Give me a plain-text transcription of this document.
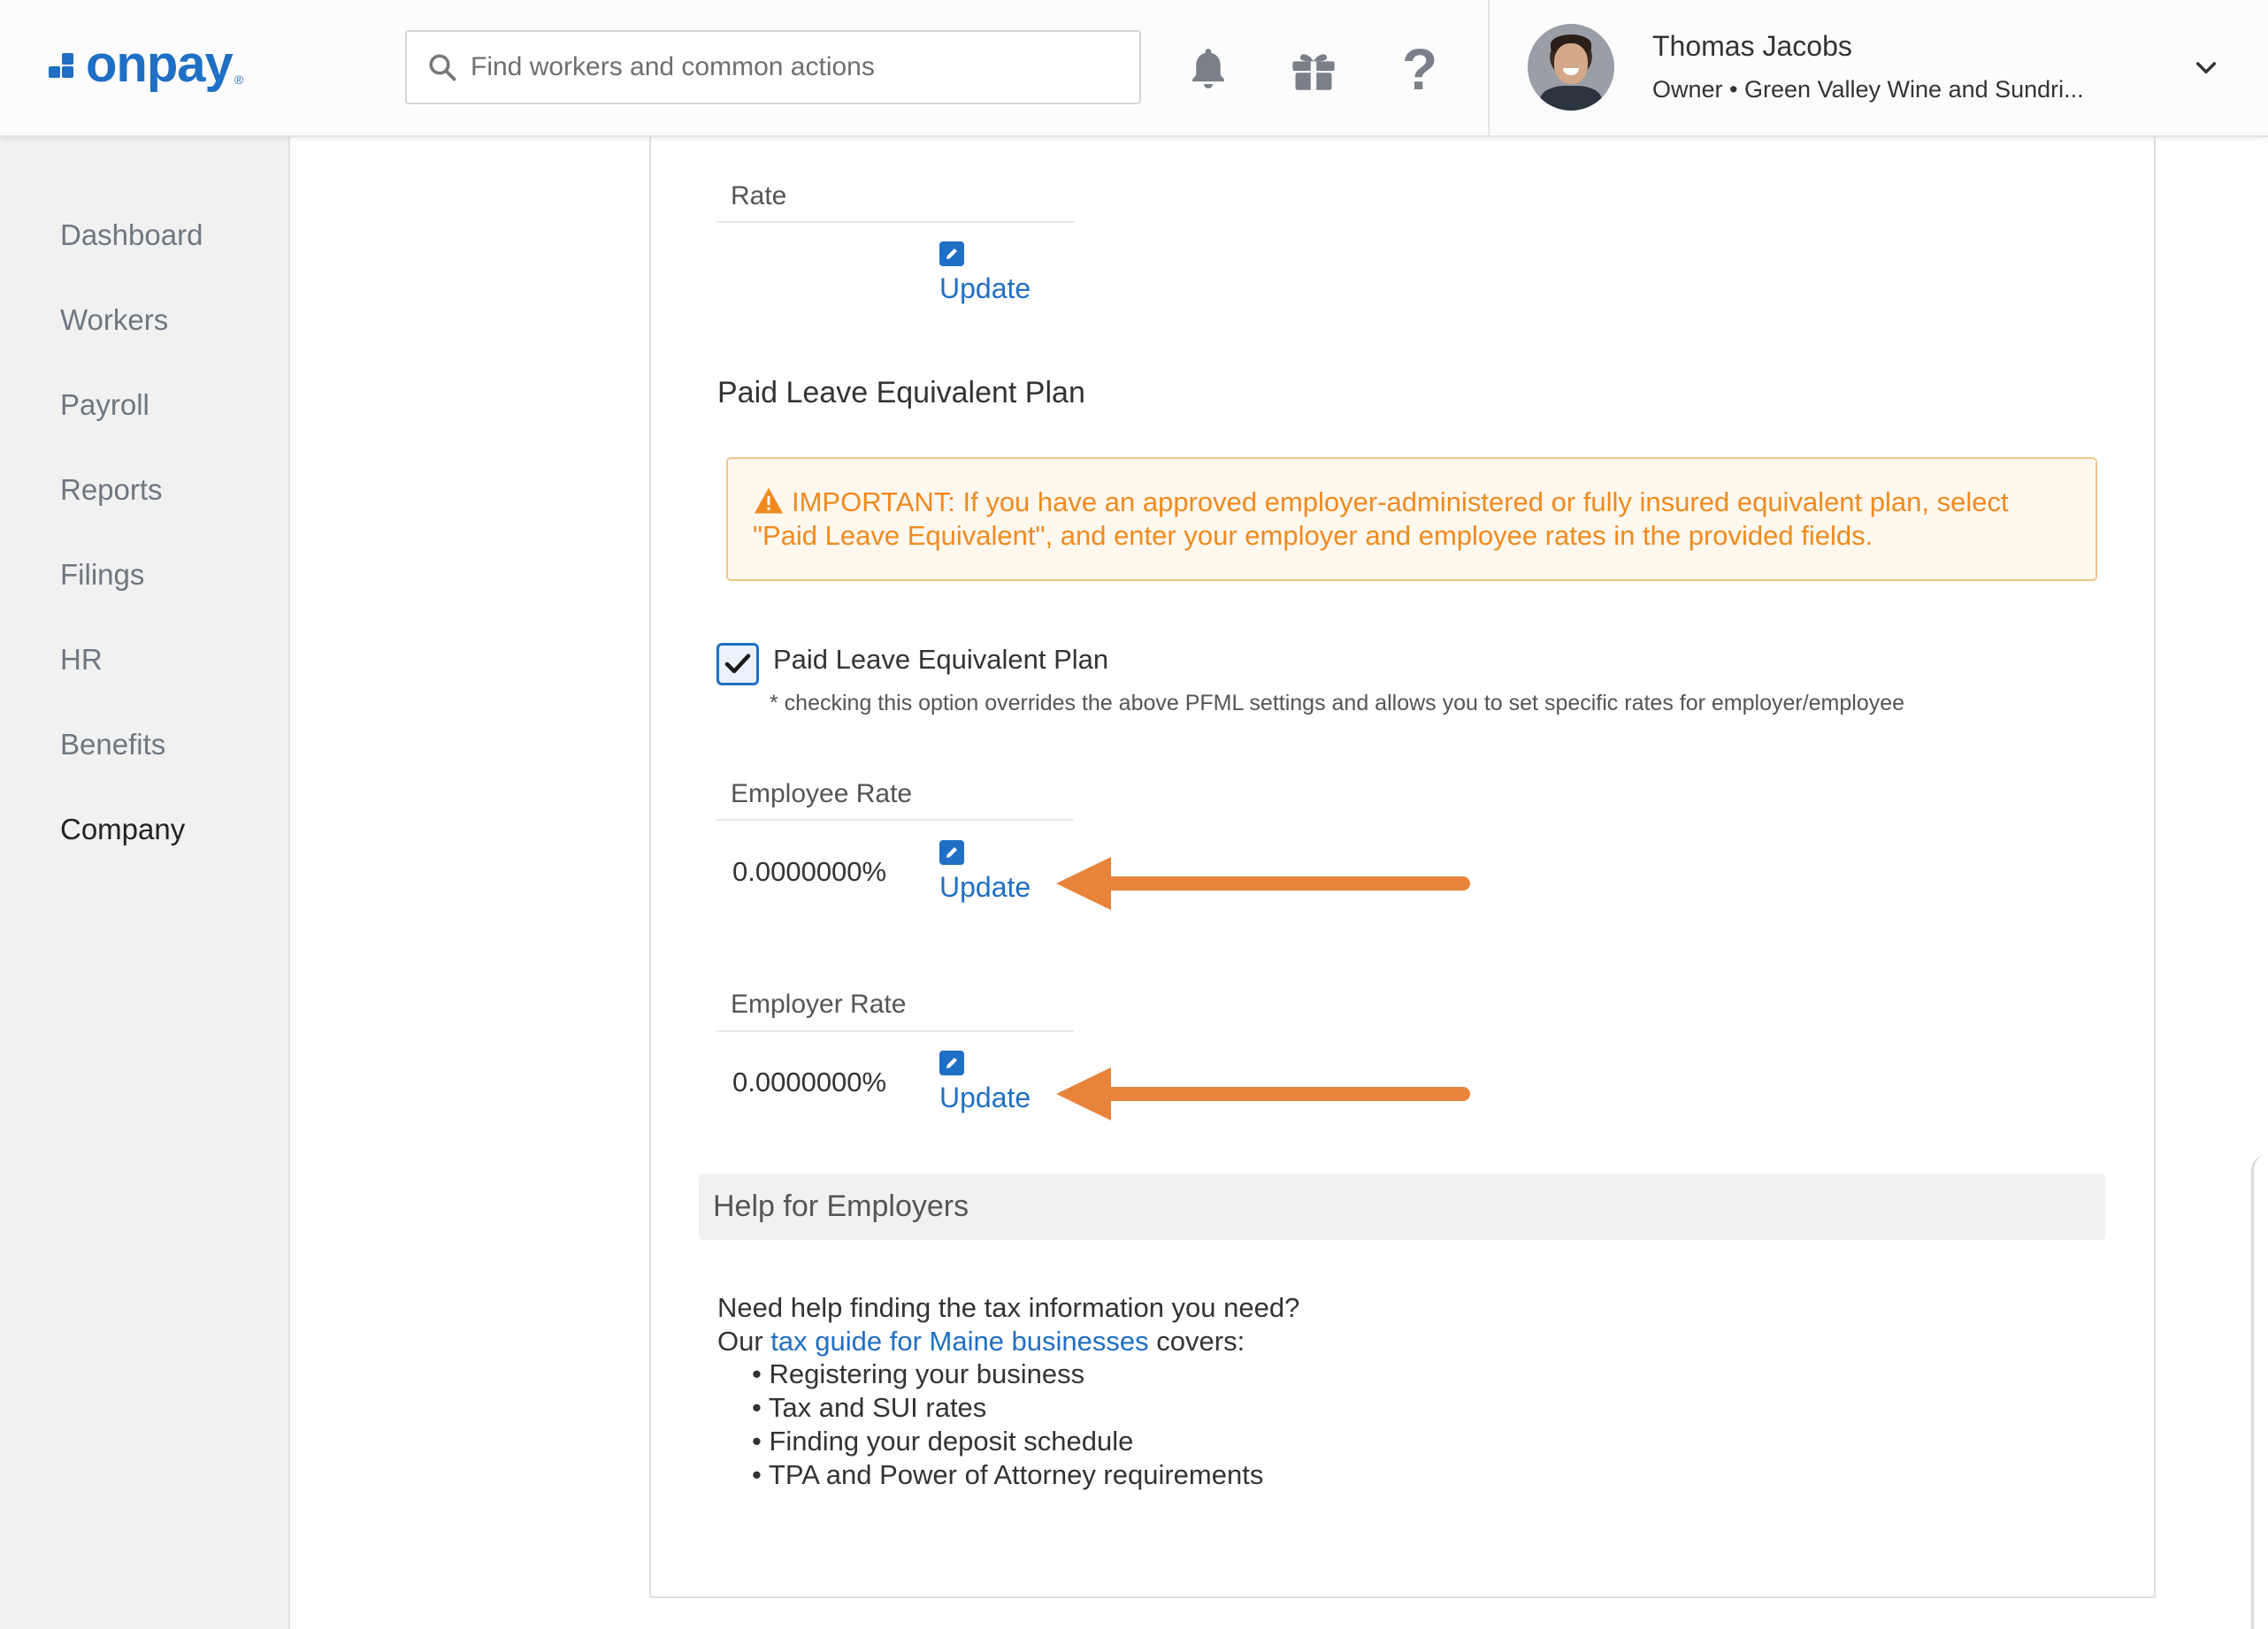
onpay ®
Find workers and common actions	?	Thomas Jacobs
Owner • Green Valley Wine and Sundri...
Dashboard
Workers
Payroll
Reports
Filings
HR
Benefits
Company
Rate
Update
Paid Leave Equivalent Plan
IMPORTANT: If you have an approved employer-administered or fully insured equivalent plan, select "Paid Leave Equivalent", and enter your employer and employee rates in the provided fields.
Paid Leave Equivalent Plan
* checking this option overrides the above PFML settings and allows you to set specific rates for employer/employee
Employee Rate
0.0000000% Update
Employer Rate
0.0000000% Update
Help for Employers
Need help finding the tax information you need?
Our tax guide for Maine businesses covers:
• Registering your business
• Tax and SUI rates
• Finding your deposit schedule
• TPA and Power of Attorney requirements
